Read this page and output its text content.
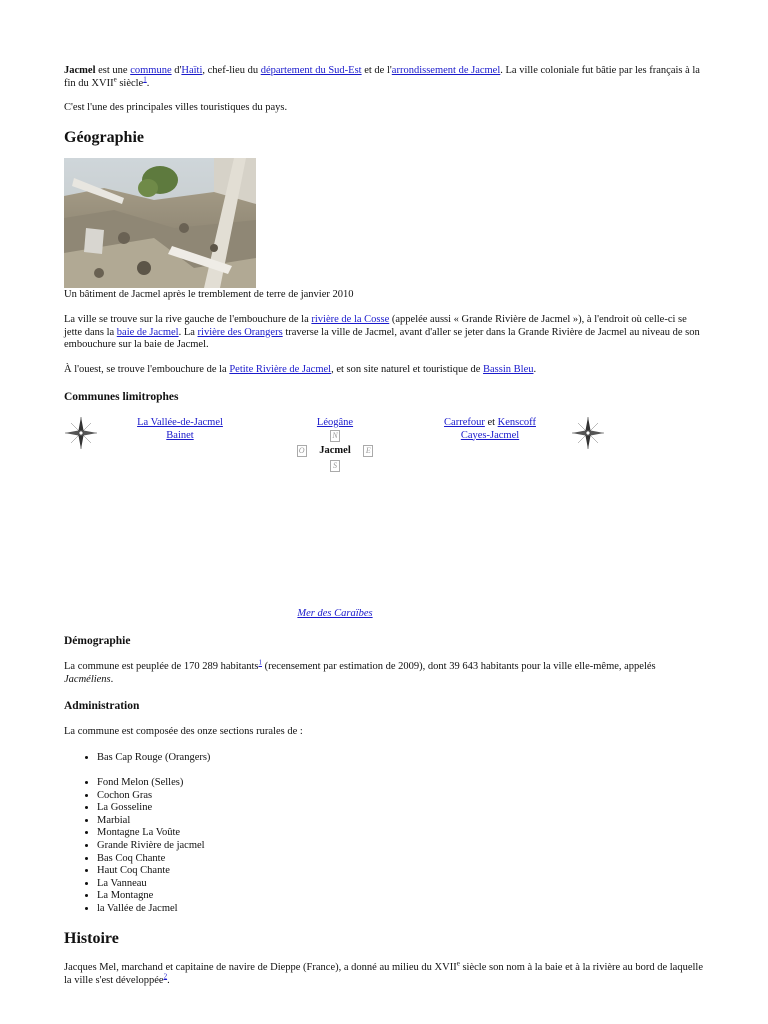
Jacmel est une commune d'Haïti, chef-lieu du département du Sud-Est et de l'arrondissement de Jacmel. La ville coloniale fut bâtie par les français à la fin du XVIIe siècle$^1$.

C'est l'une des principales villes touristiques du pays.

Géographie

Un bâtiment de Jacmel après le tremblement de terre de janvier 2010

La ville se trouve sur la rive gauche de l'embouchure de la rivière de la Cosse (appelée aussi « Grande Rivière de Jacmel »), à l'endroit où celle-ci se jette dans la baie de Jacmel. La rivière des Orangers traverse la ville de Jacmel, avant d'aller se jeter dans la Grande Rivière de Jacmel au niveau de son embouchure sur la baie de Jacmel.

À l'ouest, se trouve l'embouchure de la Petite Rivière de Jacmel, et son site naturel et touristique de Bassin Bleu.

Communes limitrophes
La Vallée-de-Jacmel
Bainet
Léogâne
N
Carrefour et Kenscoff
Cayes-Jacmel
O Jacmel E
S
Mer des Caraïbes
Démographie

La commune est peuplée de 170 289 habitants$^1$ (recensement par estimation de 2009), dont 39 643 habitants pour la ville elle-même, appelés Jacméliens.

Administration

La commune est composée des onze sections rurales de :

• Bas Cap Rouge (Orangers)
• Fond Melon (Selles)
• Cochon Gras
• La Gosseline
• Marbial
• Montagne La Voûte
• Grande Rivière de jacmel
• Bas Coq Chante
• Haut Coq Chante
• La Vanneau
• La Montagne
• la Vallée de Jacmel
Histoire

Jacques Mel, marchand et capitaine de navire de Dieppe (France), a donné au milieu du XVIIe siècle son nom à la baie et à la rivière au bord de laquelle la ville s'est développée$^2$.
